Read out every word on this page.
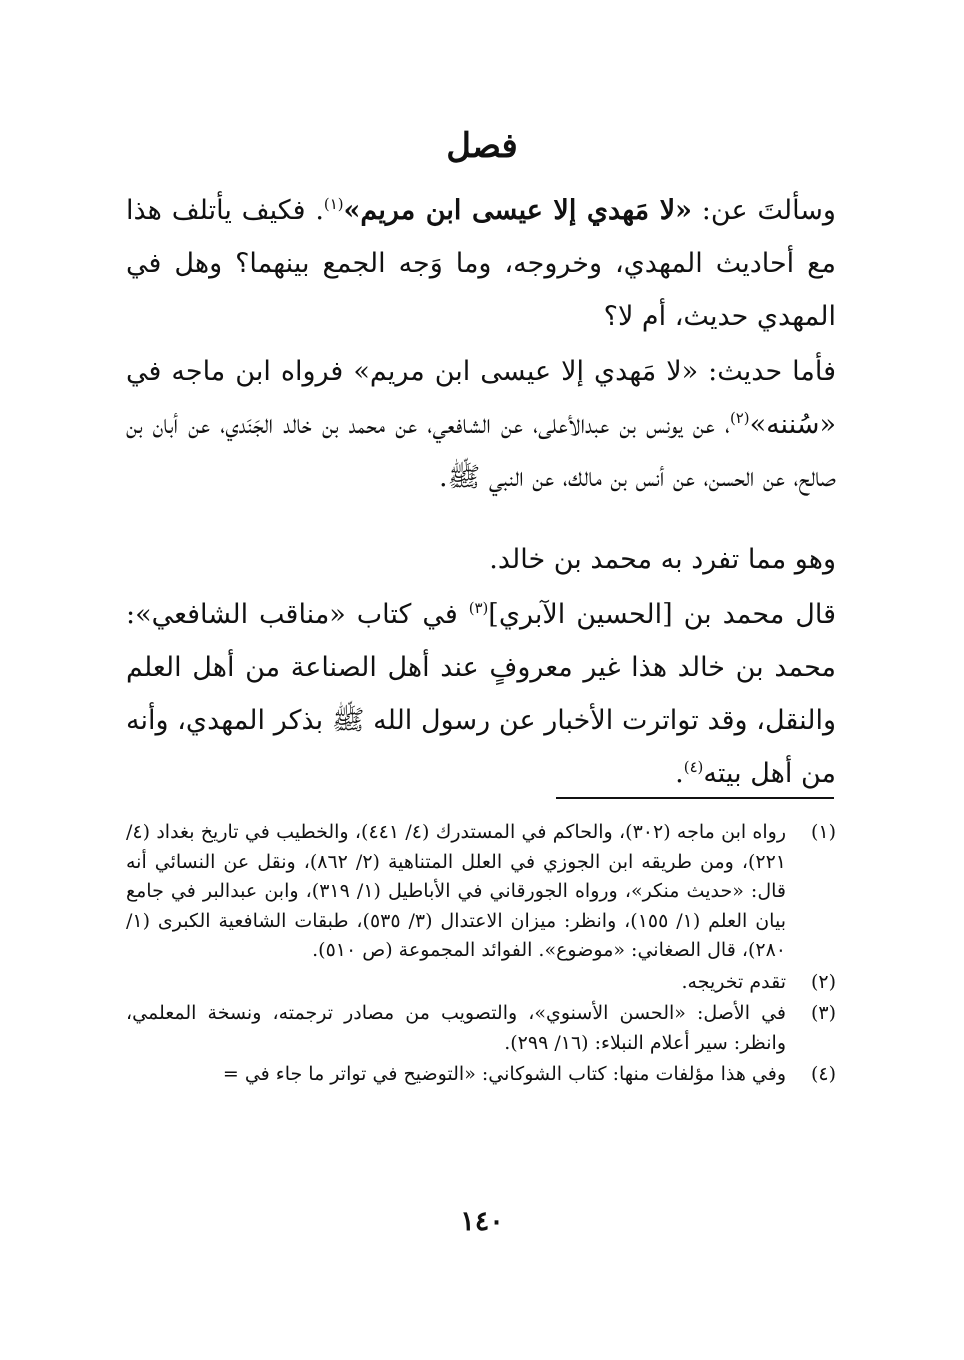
فصل
وسألتَ عن: «لا مَهدي إلا عيسى ابن مريم»$^{(١)}$. فكيف يأتلف هذا مع أحاديث المهدي، وخروجه، وما وَجه الجمع بينهما؟ وهل في المهدي حديث، أم لا؟
فأما حديث: «لا مَهدي إلا عيسى ابن مريم» فرواه ابن ماجه في «سُننه»$^{(٢)}$، عن يونس بن عبدالأعلى، عن الشافعي، عن محمد بن خالد الجَنَدي، عن أبان بن صالح، عن الحسن، عن أنس بن مالك، عن النبي ﷺ.
وهو مما تفرد به محمد بن خالد.
قال محمد بن [الحسين الآبري]$^{(٣)}$ في كتاب «مناقب الشافعي»: محمد بن خالد هذا غير معروفٍ عند أهل الصناعة من أهل العلم والنقل، وقد تواترت الأخبار عن رسول الله ﷺ بذكر المهدي، وأنه من أهل بيته$^{(٤)}$.
(١)
رواه ابن ماجه (٣٠٢)، والحاكم في المستدرك (٤/ ٤٤١)، والخطيب في تاريخ بغداد (٤/ ٢٢١)، ومن طريقه ابن الجوزي في العلل المتناهية (٢/ ٨٦٢)، ونقل عن النسائي أنه قال: «حديث منكر»، ورواه الجورقاني في الأباطيل (١/ ٣١٩)، وابن عبدالبر في جامع بيان العلم (١/ ١٥٥)، وانظر: ميزان الاعتدال (٣/ ٥٣٥)، طبقات الشافعية الكبرى (١/ ٢٨٠)، قال الصغاني: «موضوع». الفوائد المجموعة (ص ٥١٠).
(٢)
تقدم تخريجه.
(٣)
في الأصل: «الحسن الأسنوي»، والتصويب من مصادر ترجمته، ونسخة المعلمي، وانظر: سير أعلام النبلاء: (١٦/ ٢٩٩).
(٤)
وفي هذا مؤلفات منها: كتاب الشوكاني: «التوضيح في تواتر ما جاء في =
١٤٠
